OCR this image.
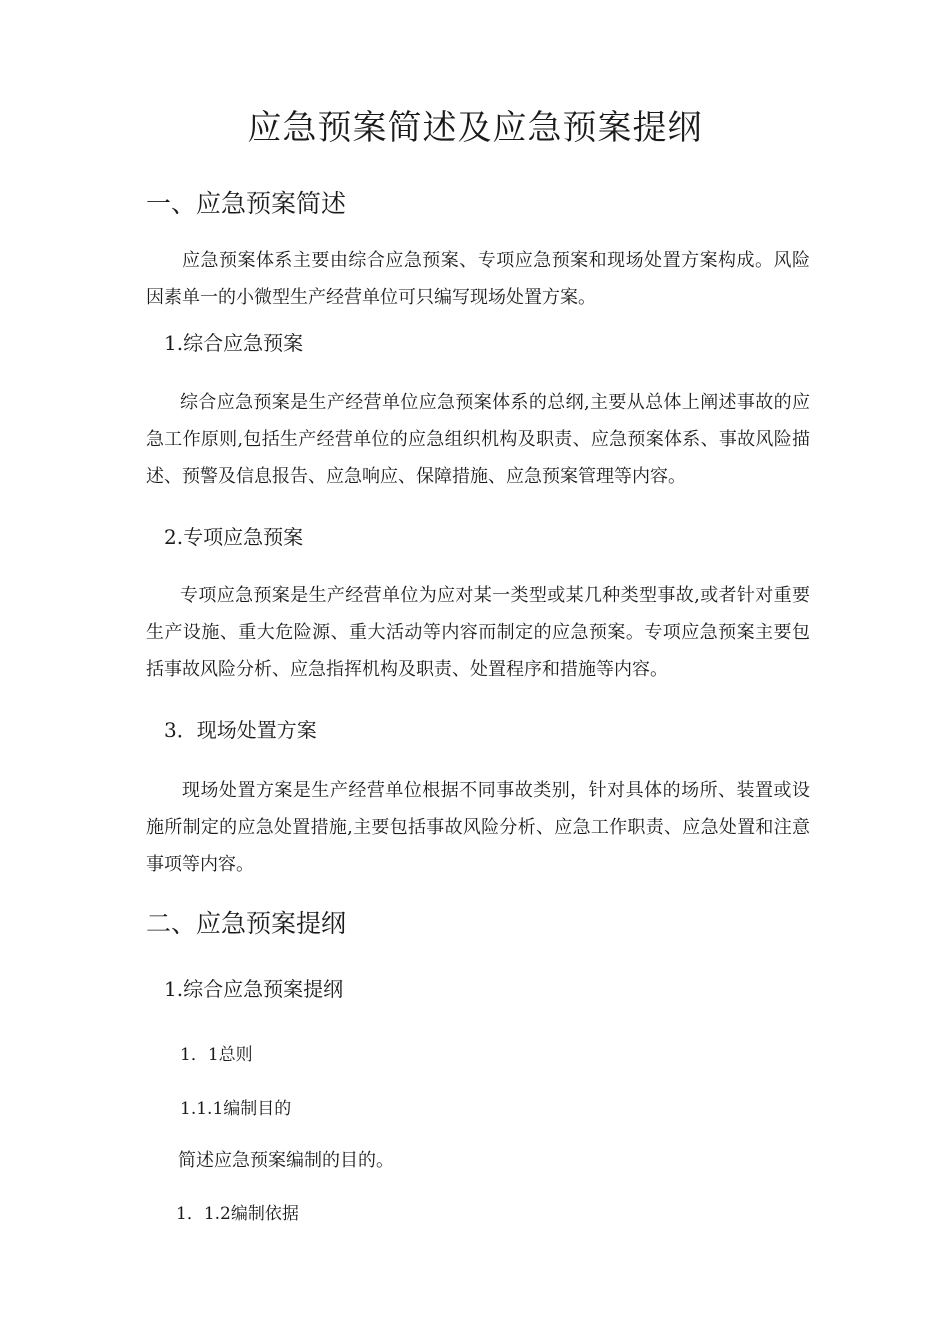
应急预案简述及应急预案提纲
一、应急预案简述
应急预案体系主要由综合应急预案、专项应急预案和现场处置方案构成。风险因素单一的小微型生产经营单位可只编写现场处置方案。
1.综合应急预案
综合应急预案是生产经营单位应急预案体系的总纲,主要从总体上阐述事故的应急工作原则,包括生产经营单位的应急组织机构及职责、应急预案体系、事故风险描述、预警及信息报告、应急响应、保障措施、应急预案管理等内容。
2.专项应急预案
专项应急预案是生产经营单位为应对某一类型或某几种类型事故,或者针对重要生产设施、重大危险源、重大活动等内容而制定的应急预案。专项应急预案主要包括事故风险分析、应急指挥机构及职责、处置程序和措施等内容。
3．现场处置方案
现场处置方案是生产经营单位根据不同事故类别，针对具体的场所、装置或设施所制定的应急处置措施,主要包括事故风险分析、应急工作职责、应急处置和注意事项等内容。
二、应急预案提纲
1.综合应急预案提纲
1．1总则
1.1.1编制目的
简述应急预案编制的目的。
1．1.2编制依据
